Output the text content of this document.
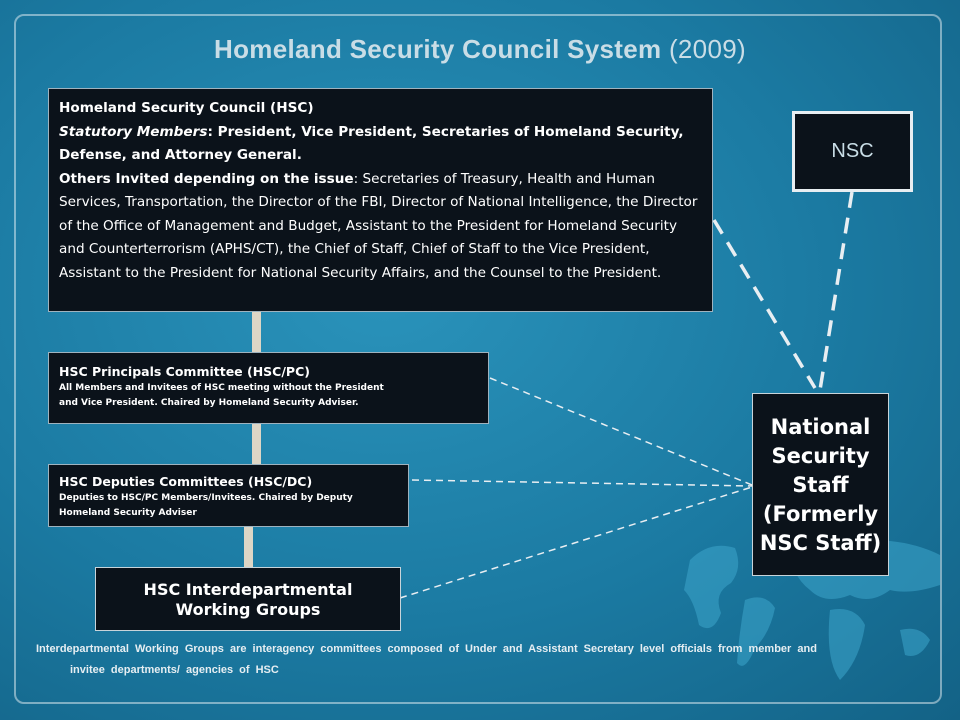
Homeland Security Council System (2009)
Homeland Security Council (HSC)
Statutory Members: President, Vice President, Secretaries of Homeland Security, Defense, and Attorney General.
Others Invited depending on the issue: Secretaries of Treasury, Health and Human Services, Transportation, the Director of the FBI, Director of National Intelligence, the Director of the Office of Management and Budget, Assistant to the President for Homeland Security and Counterterrorism (APHS/CT), the Chief of Staff, Chief of Staff to the Vice President, Assistant to the President for National Security Affairs, and the Counsel to the President.
HSC Principals Committee (HSC/PC)
All Members and Invitees of HSC meeting without the President
and Vice President. Chaired by Homeland Security Adviser.
HSC Deputies Committees (HSC/DC)
Deputies to HSC/PC Members/Invitees. Chaired by Deputy
Homeland Security Adviser
HSC Interdepartmental
Working Groups
NSC
National
Security
Staff
(Formerly
NSC Staff)
Interdepartmental Working Groups are interagency committees composed of Under and Assistant Secretary level officials from member and
invitee departments/ agencies of HSC
